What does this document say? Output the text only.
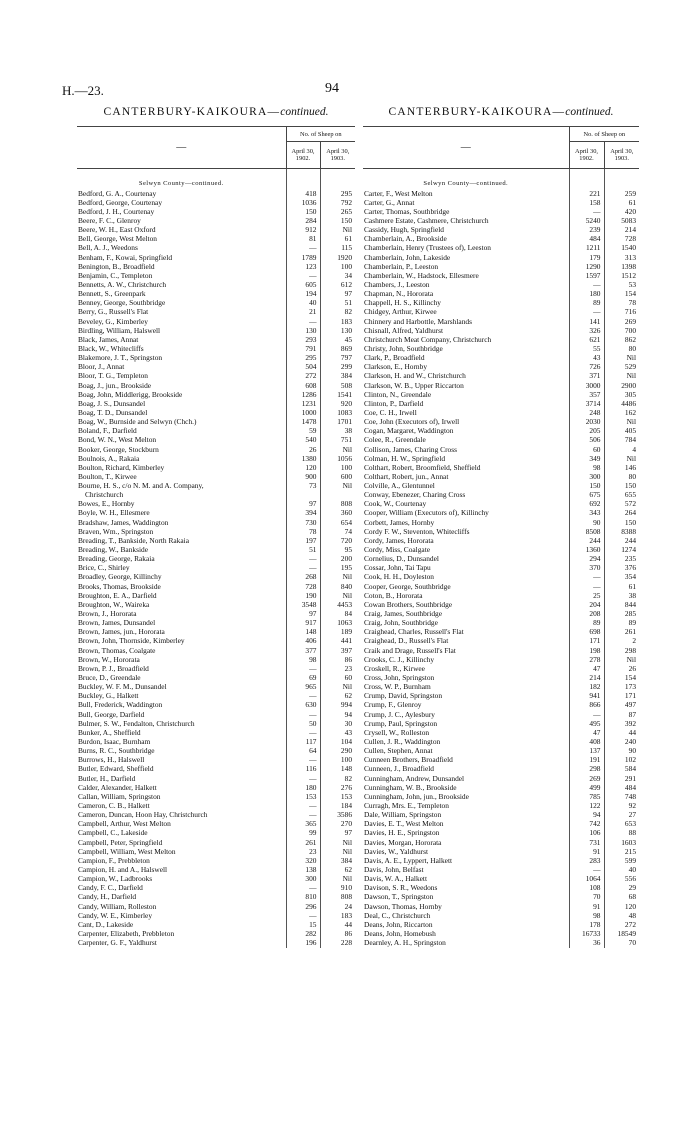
H.—23.	94
CANTERBURY-KAIKOURA—continued.
—	No. of Sheep on	
	April 30, 1902.	April 30, 1903.

Selwyn County—continued.		
Bedford, G. A., Courtenay	418	295
Bedford, George, Courtenay	1036	792
Bedford, J. H., Courtenay	150	265
Beere, F. C., Glenroy	284	150
Beere, W. H., East Oxford	912	Nil
Bell, George, West Melton	81	61
Bell, A. J., Weedons	—	115
Benham, F., Kowai, Springfield	1789	1920
Benington, B., Broadfield	123	100
Benjamin, C., Templeton	—	34
Bennetts, A. W., Christchurch	605	612
Bennett, S., Greenpark	194	97
Benney, George, Southbridge	40	51
Berry, G., Russell's Flat	21	82
Beveley, G., Kimberley	—	183
Birdling, William, Halswell	130	130
Black, James, Annat	293	45
Black, W., Whitecliffs	791	869
Blakemore, J. T., Springston	295	797
Bloor, J., Annat	504	299
Bloor, T. G., Templeton	272	384
Boag, J., jun., Brookside	608	508
Boag, John, Middlerigg, Brookside	1286	1541
Boag, J. S., Dunsandel	1231	920
Boag, T. D., Dunsandel	1000	1083
Boag, W., Burnside and Selwyn (Chch.)	1478	1701
Boland, F., Darfield	59	38
Bond, W. N., West Melton	540	751
Booker, George, Stockburn	26	Nil
Boulnois, A., Rakaia	1380	1056
Boulton, Richard, Kimberley	120	100
Boulton, T., Kirwee	900	600
Bourne, H. S., c/o N. M. and A. Company,	73	Nil
Christchurch		
Bowes, E., Hornby	97	808
Boyle, W. H., Ellesmere	394	360
Bradshaw, James, Waddington	730	654
Braven, Wm., Springston	78	74
Breading, T., Bankside, North Rakaia	197	720
Breading, W., Bankside	51	95
Breading, George, Rakaia	—	200
Brice, C., Shirley	—	195
Broadley, George, Killinchy	268	Nil
Brooks, Thomas, Brookside	728	840
Broughton, E. A., Darfield	190	Nil
Broughton, W., Waireka	3548	4453
Brown, J., Hororata	97	84
Brown, James, Dunsandel	917	1063
Brown, James, jun., Hororata	148	189
Brown, John, Thornside, Kimberley	406	441
Brown, Thomas, Coalgate	377	397
Brown, W., Hororata	98	86
Brown, P. J., Broadfield	—	23
Bruce, D., Greendale	69	60
Buckley, W. F. M., Dunsandel	965	Nil
Buckley, G., Halkett	—	62
Bull, Frederick, Waddington	630	994
Bull, George, Darfield	—	94
Bulmer, S. W., Fendalton, Christchurch	50	30
Bunker, A., Sheffield	—	43
Burdon, Isaac, Burnham	117	104
Burns, R. C., Southbridge	64	290
Burrows, H., Halswell	—	100
Butler, Edward, Sheffield	116	148
Butler, H., Darfield	—	82
Calder, Alexander, Halkett	180	276
Callan, William, Springston	153	153
Cameron, C. B., Halkett	—	184
Cameron, Duncan, Hoon Hay, Christchurch	—	3586
Campbell, Arthur, West Melton	365	270
Campbell, C., Lakeside	99	97
Campbell, Peter, Springfield	261	Nil
Campbell, William, West Melton	23	Nil
Campion, F., Prebbleton	320	384
Campion, H. and A., Halswell	138	62
Campion, W., Ladbrooks	300	Nil
Candy, F. C., Darfield	—	910
Candy, H., Darfield	810	808
Candy, William, Rolleston	296	24
Candy, W. E., Kimberley	—	183
Cant, D., Lakeside	15	44
Carpenter, Elizabeth, Prebbleton	282	86
Carpenter, G. F., Yaldhurst	196	228
CANTERBURY-KAIKOURA—continued.
—	No. of Sheep on	
	April 30, 1902.	April 30, 1903.

Selwyn County—continued.		
Carter, F., West Melton	221	259
Carter, G., Annat	158	61
Carter, Thomas, Southbridge	—	420
Cashmere Estate, Cashmere, Christchurch	5240	5083
Cassidy, Hugh, Springfield	239	214
Chamberlain, A., Brookside	484	728
Chamberlain, Henry (Trustees of), Leeston	1211	1540
Chamberlain, John, Lakeside	179	313
Chamberlain, P., Leeston	1290	1398
Chamberlain, W., Hadstock, Ellesmere	1597	1512
Chambers, J., Leeston	—	53
Chapman, N., Hororata	180	154
Chappell, H. S., Killinchy	89	78
Chidgey, Arthur, Kirwee	—	716
Chinnery and Harbottle, Marshlands	141	269
Chisnall, Alfred, Yaldhurst	326	700
Christchurch Meat Company, Christchurch	621	862
Christy, John, Southbridge	55	80
Clark, P., Broadfield	43	Nil
Clarkson, E., Hornby	726	529
Clarkson, H. and W., Christchurch	371	Nil
Clarkson, W. B., Upper Riccarton	3000	2900
Clinton, N., Greendale	357	305
Clinton, P., Darfield	3714	4486
Coe, C. H., Irwell	248	162
Coe, John (Executors of), Irwell	2030	Nil
Cogan, Margaret, Waddington	205	405
Colee, R., Greendale	506	784
Collison, James, Charing Cross	60	4
Colman, H. W., Springfield	349	Nil
Colthart, Robert, Broomfield, Sheffield	98	146
Colthart, Robert, jun., Annat	300	80
Colville, A., Glentunnel	150	150
Conway, Ebenezer, Charing Cross	675	655
Cook, W., Courtenay	692	572
Cooper, William (Executors of), Killinchy	343	264
Corbett, James, Hornby	90	150
Cordy F. W., Steventon, Whitecliffs	8508	8388
Cordy, James, Hororata	244	244
Cordy, Miss, Coalgate	1360	1274
Cornelius, D., Dunsandel	294	235
Cossar, John, Tai Tapu	370	376
Cook, H. H., Doyleston	—	354
Cooper, George, Southbridge	—	61
Coton, B., Hororata	25	38
Cowan Brothers, Southbridge	204	844
Craig, James, Southbridge	208	285
Craig, John, Southbridge	89	89
Craighead, Charles, Russell's Flat	698	261
Craighead, D., Russell's Flat	171	2
Craik and Drage, Russell's Flat	198	298
Crooks, C. J., Killinchy	278	Nil
Croskell, R., Kirwee	47	26
Cross, John, Springston	214	154
Cross, W. P., Burnham	182	173
Crump, David, Springston	941	171
Crump, F., Glenroy	866	497
Crump, J. C., Aylesbury	—	87
Crump, Paul, Springston	495	392
Crysell, W., Rolleston	47	44
Cullen, J. R., Waddington	408	240
Cullen, Stephen, Annat	137	90
Cunneen Brothers, Broadfield	191	102
Cunneen, J., Broadfield	298	584
Cunningham, Andrew, Dunsandel	269	291
Cunningham, W. B., Brookside	499	484
Cunningham, John, jun., Brookside	785	748
Curragh, Mrs. E., Templeton	122	92
Dale, William, Springston	94	27
Davies, E. T., West Melton	742	653
Davies, H. E., Springston	106	88
Davies, Morgan, Hororata	731	1603
Davies, W., Yaldhurst	91	215
Davis, A. E., Lyppert, Halkett	283	599
Davis, John, Belfast	—	40
Davis, W. A., Halkett	1064	556
Davison, S. R., Weedons	108	29
Dawson, T., Springston	70	68
Dawson, Thomas, Hornby	91	120
Deal, C., Christchurch	98	48
Deans, John, Riccarton	178	272
Deans, John, Homebush	16733	18549
Dearnley, A. H., Springston	36	70
